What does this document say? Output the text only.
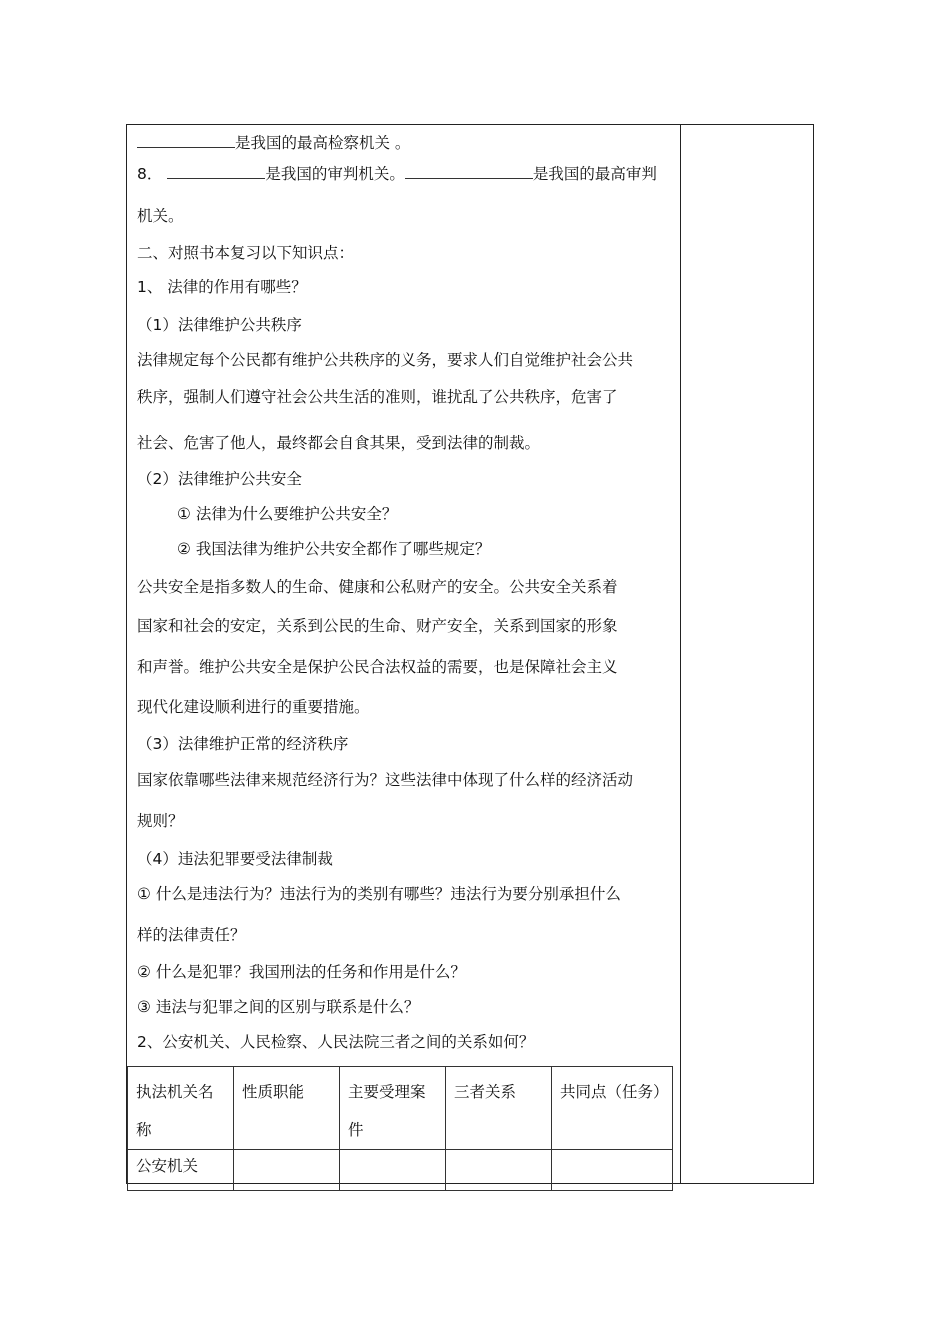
是我国的最高检察机关 。
8．	是我国的审判机关。	是我国的最高审判
机关。
二、对照书本复习以下知识点：
1、 法律的作用有哪些？
（1）法律维护公共秩序
法律规定每个公民都有维护公共秩序的义务，要求人们自觉维护社会公共
秩序，强制人们遵守社会公共生活的准则，谁扰乱了公共秩序，危害了
社会、危害了他人，最终都会自食其果，受到法律的制裁。
（2）法律维护公共安全
① 法律为什么要维护公共安全？
② 我国法律为维护公共安全都作了哪些规定？
公共安全是指多数人的生命、健康和公私财产的安全。公共安全关系着
国家和社会的安定，关系到公民的生命、财产安全，关系到国家的形象
和声誉。维护公共安全是保护公民合法权益的需要，也是保障社会主义
现代化建设顺利进行的重要措施。
（3）法律维护正常的经济秩序
国家依靠哪些法律来规范经济行为？这些法律中体现了什么样的经济活动
规则？
（4）违法犯罪要受法律制裁
① 什么是违法行为？违法行为的类别有哪些？违法行为要分别承担什么
样的法律责任？
② 什么是犯罪？我国刑法的任务和作用是什么？
③ 违法与犯罪之间的区别与联系是什么？
2、公安机关、人民检察、人民法院三者之间的关系如何？
执法机关名称	性质职能	主要受理案件	三者关系	共同点（任务）
公安机关				
